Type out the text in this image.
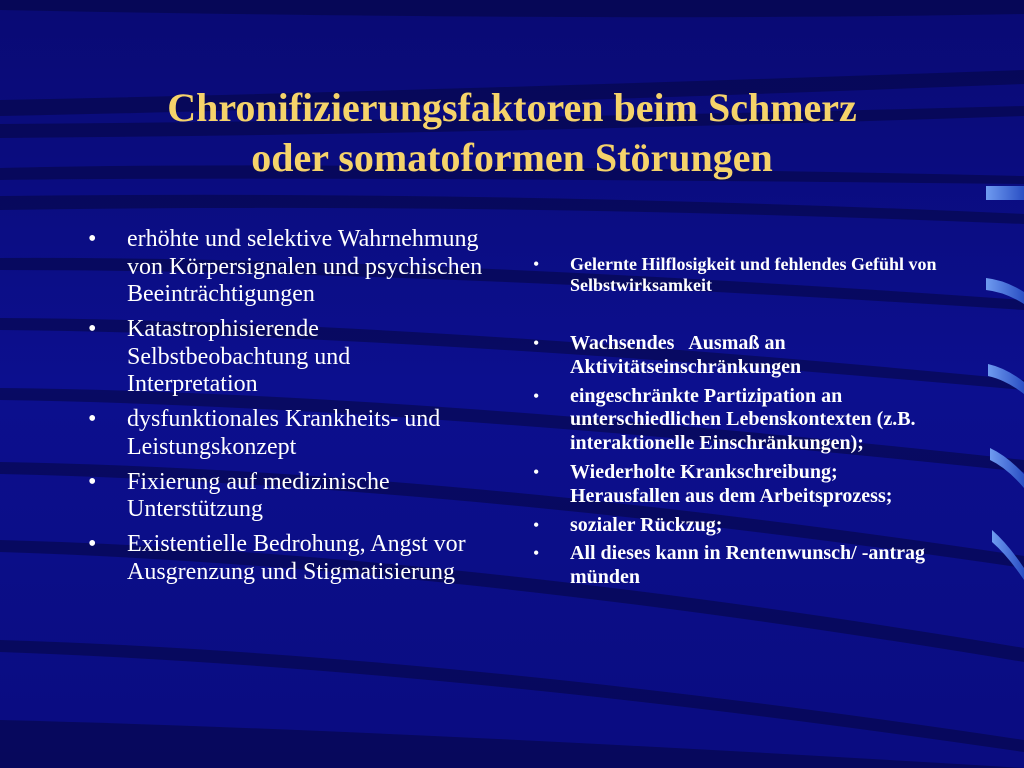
Chronifizierungsfaktoren beim Schmerz
oder somatoformen Störungen
• erhöhte und selektive Wahrnehmung von Körpersignalen und psychischen Beeinträchtigungen
• Katastrophisierende Selbstbeobachtung und Interpretation
• dysfunktionales Krankheits- und Leistungskonzept
• Fixierung auf medizinische Unterstützung
• Existentielle Bedrohung, Angst vor Ausgrenzung und Stigmatisierung
• Gelernte Hilflosigkeit und fehlendes Gefühl von Selbstwirksamkeit
• Wachsendes   Ausmaß an Aktivitätseinschränkungen
• eingeschränkte Partizipation an unterschiedlichen Lebenskontexten (z.B. interaktionelle Einschränkungen);
• Wiederholte Krankschreibung; Herausfallen aus dem Arbeitsprozess;
• sozialer Rückzug;
• All dieses kann in Rentenwunsch/ -antrag münden
